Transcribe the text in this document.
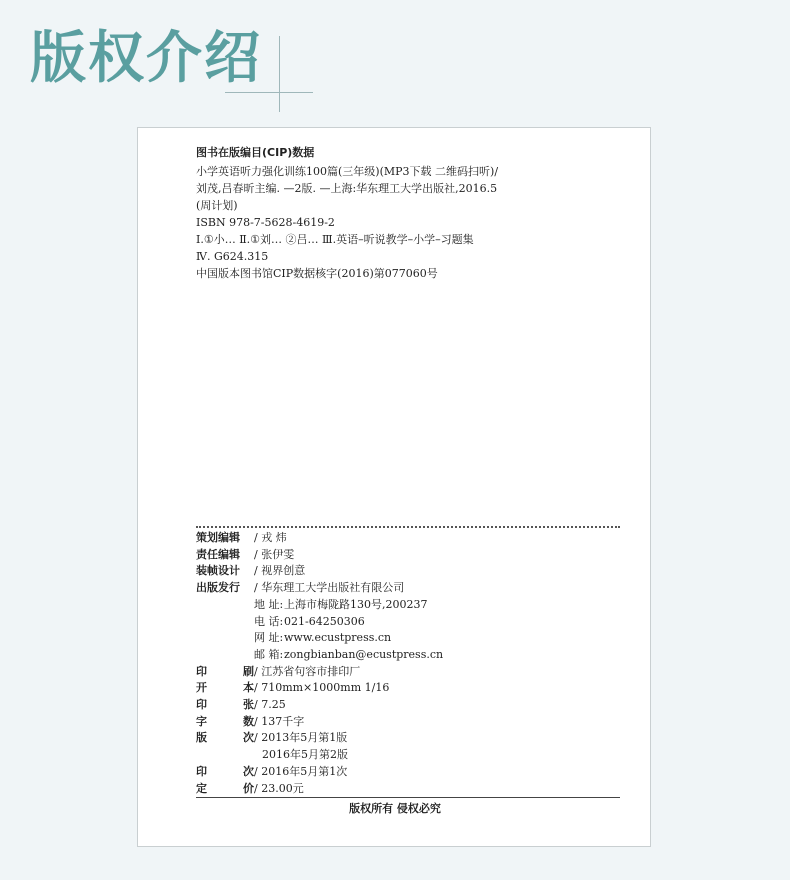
版权介绍
图书在版编目(CIP)数据
小学英语听力强化训练100篇(三年级)(MP3下载 二维码扫听)/
刘茂,吕春昕主编. —2版. —上海:华东理工大学出版社,2016.5
(周计划)
ISBN 978-7-5628-4619-2
Ⅰ.①小… Ⅱ.①刘… ②吕… Ⅲ.英语–听说教学–小学–习题集
Ⅳ. G624.315
中国版本图书馆CIP数据核字(2016)第077060号
策划编辑	/ 戎 炜
责任编辑	/ 张伊雯
装帧设计	/ 视界创意
出版发行	/ 华东理工大学出版社有限公司
地 址: 上海市梅陇路130号,200237
电 话: 021-64250306
网 址: www.ecustpress.cn
邮 箱: zongbianban@ecustpress.cn
印	刷 / 江苏省句容市排印厂
开	本 / 710mm×1000mm 1/16
印	张 / 7.25
字	数 / 137千字
版	次 / 2013年5月第1版
2016年5月第2版
印	次 / 2016年5月第1次
定	价 / 23.00元
版权所有 侵权必究
